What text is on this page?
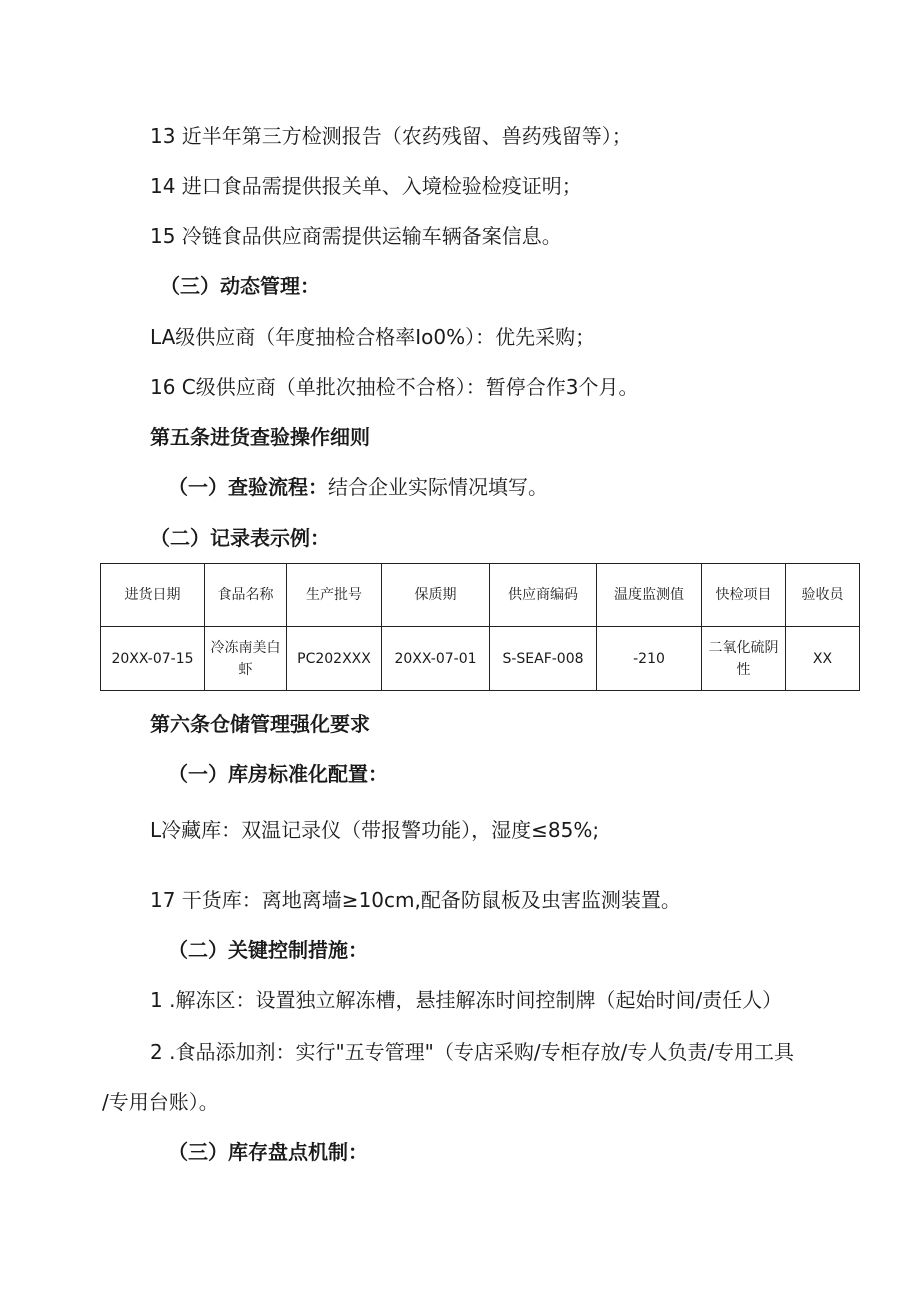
13 近半年第三方检测报告（农药残留、兽药残留等）；
14 进口食品需提供报关单、入境检验检疫证明；
15 冷链食品供应商需提供运输车辆备案信息。
（三）动态管理：
LA级供应商（年度抽检合格率Io0%）：优先采购；
16 C级供应商（单批次抽检不合格）：暂停合作3个月。
第五条进货查验操作细则
（一）查验流程：结合企业实际情况填写。
（二）记录表示例：
进货日期	食品名称	生产批号	保质期	供应商编码	温度监测值	快检项目	验收员
20XX-07-15	冷冻南美白虾	PC202XXX	20XX-07-01	S-SEAF-008	-210	二氧化硫阴性	XX
第六条仓储管理强化要求
（一）库房标准化配置：
L冷藏库：双温记录仪（带报警功能），湿度≤85%;
17 干货库：离地离墙≥10cm,配备防鼠板及虫害监测装置。
（二）关键控制措施：
1 .解冻区：设置独立解冻槽，悬挂解冻时间控制牌（起始时间/责任人）
2 .食品添加剂：实行"五专管理"（专店采购/专柜存放/专人负责/专用工具
/专用台账）。
（三）库存盘点机制：
